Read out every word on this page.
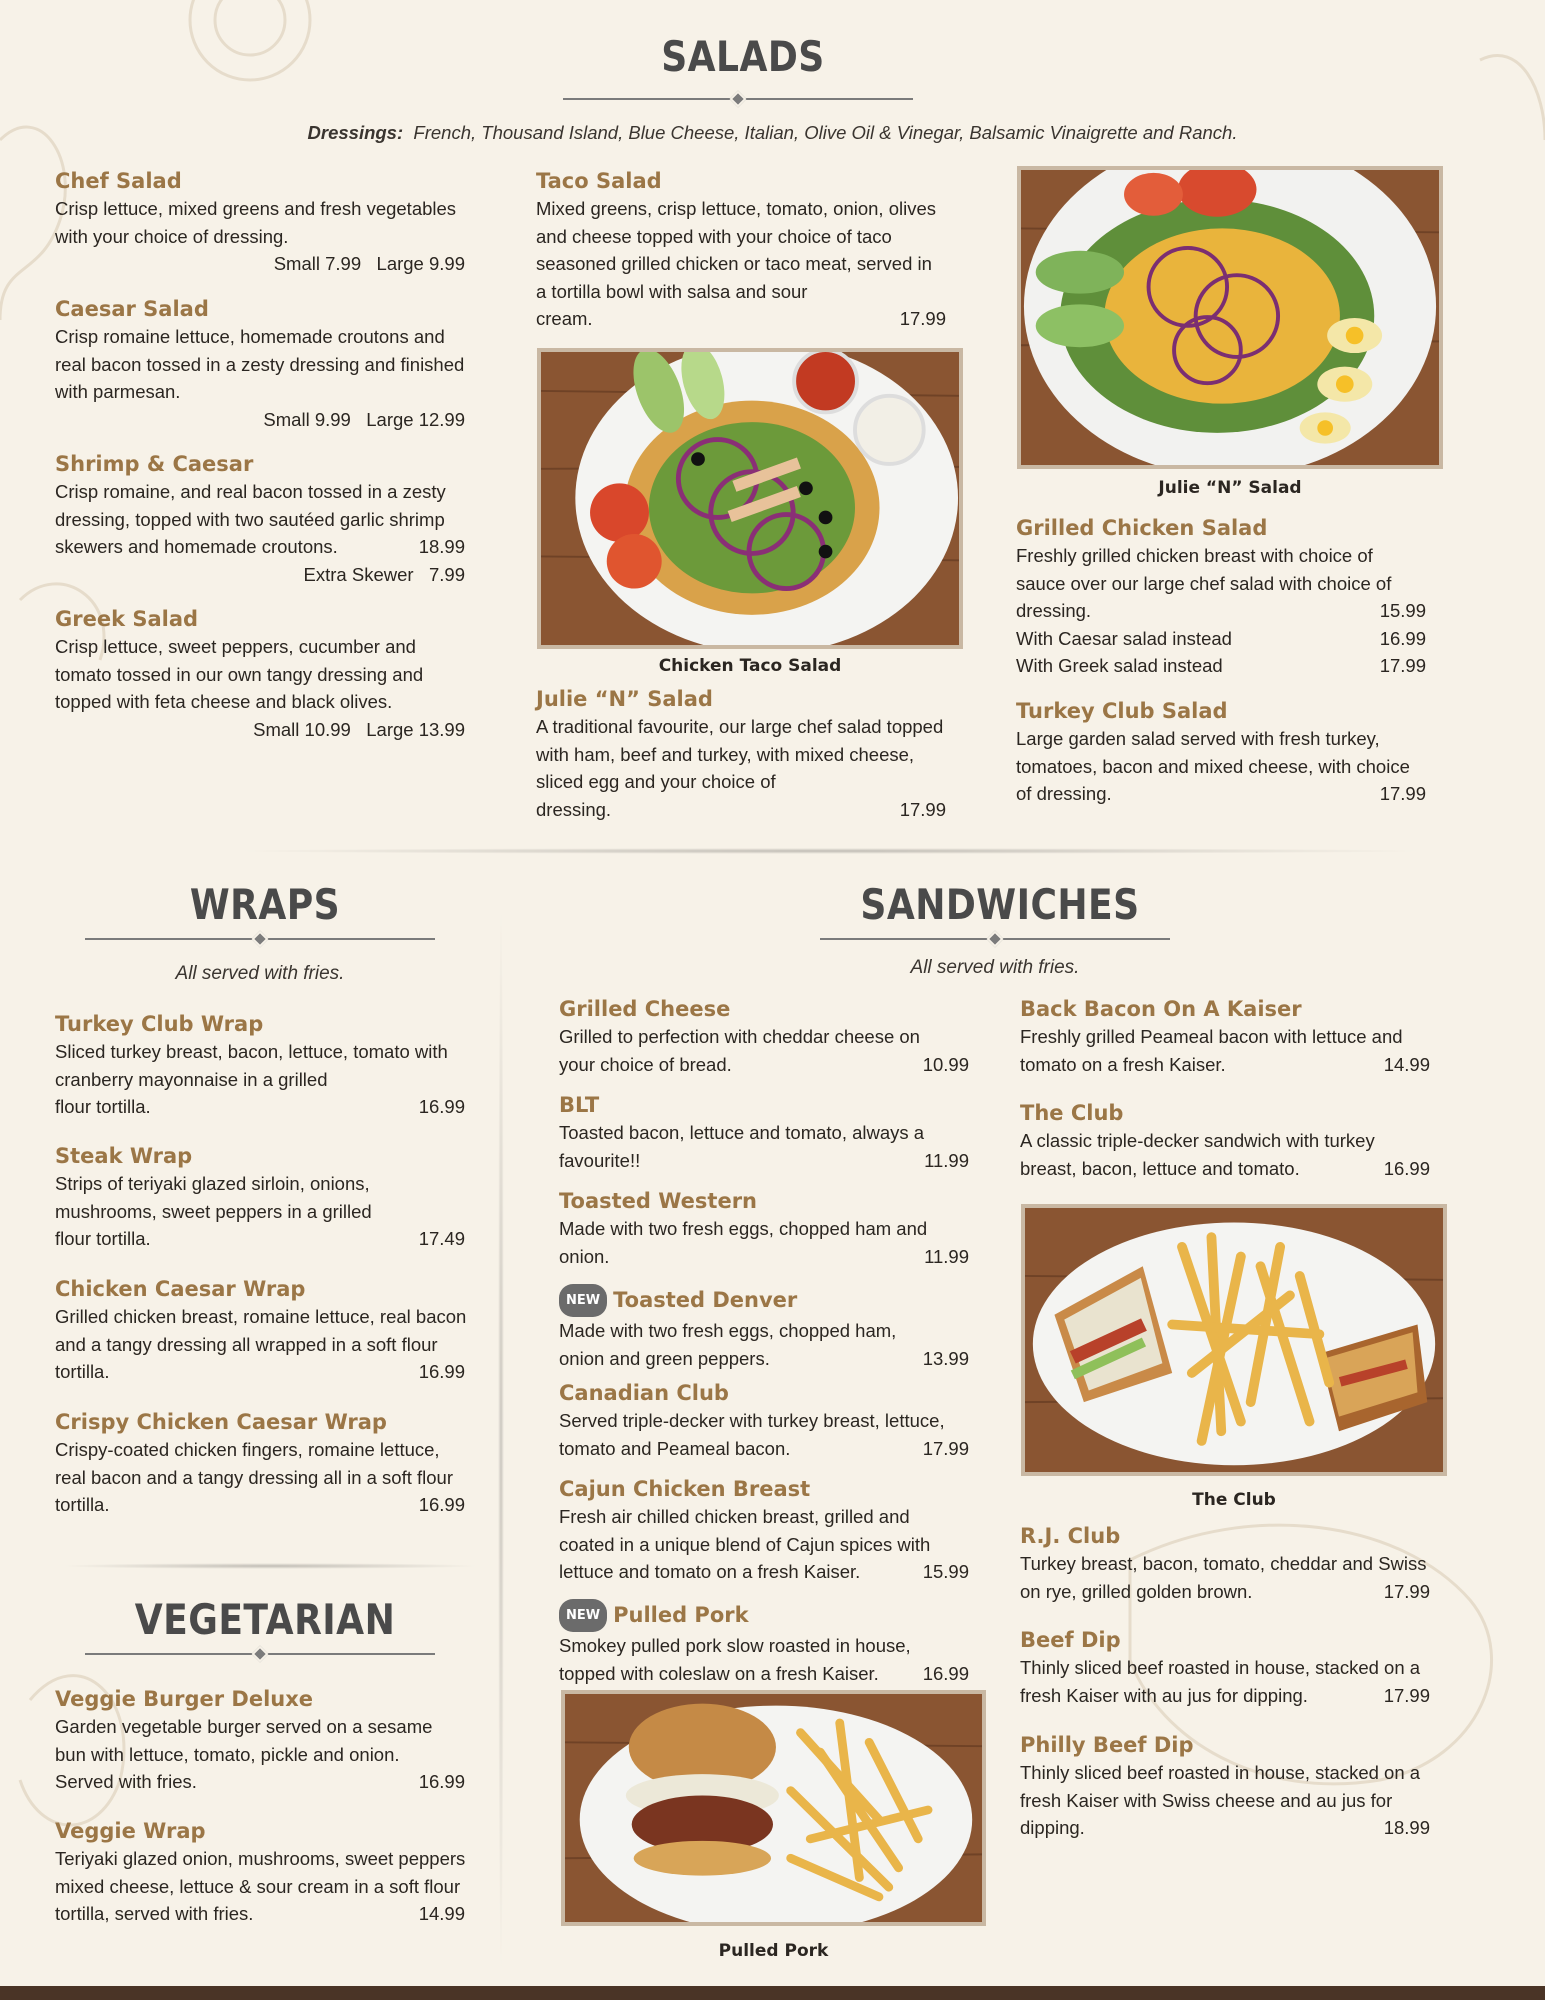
SALADS
Dressings: French, Thousand Island, Blue Cheese, Italian, Olive Oil & Vinegar, Balsamic Vinaigrette and Ranch.
Chef Salad
Crisp lettuce, mixed greens and fresh vegetables with your choice of dressing.
Small 7.99   Large 9.99
Caesar Salad
Crisp romaine lettuce, homemade croutons and real bacon tossed in a zesty dressing and finished with parmesan.
Small 9.99   Large 12.99
Shrimp & Caesar
Crisp romaine, and real bacon tossed in a zesty dressing, topped with two sautéed garlic shrimp
skewers and homemade croutons.	18.99
Extra Skewer 7.99
Greek Salad
Crisp lettuce, sweet peppers, cucumber and tomato tossed in our own tangy dressing and topped with feta cheese and black olives.
Small 10.99   Large 13.99
Taco Salad
Mixed greens, crisp lettuce, tomato, onion, olives and cheese topped with your choice of taco seasoned grilled chicken or taco meat, served in a tortilla bowl with salsa and sour
cream.	17.99
Chicken Taco Salad
Julie “N” Salad
A traditional favourite, our large chef salad topped with ham, beef and turkey, with mixed cheese, sliced egg and your choice of
dressing.	17.99
Julie “N” Salad
Grilled Chicken Salad
Freshly grilled chicken breast with choice of sauce over our large chef salad with choice of
dressing.	15.99
With Caesar salad instead	16.99
With Greek salad instead	17.99
Turkey Club Salad
Large garden salad served with fresh turkey, tomatoes, bacon and mixed cheese, with choice
of dressing.	17.99
WRAPS
All served with fries.
Turkey Club Wrap
Sliced turkey breast, bacon, lettuce, tomato with cranberry mayonnaise in a grilled
flour tortilla.	16.99
Steak Wrap
Strips of teriyaki glazed sirloin, onions, mushrooms, sweet peppers in a grilled
flour tortilla.	17.49
Chicken Caesar Wrap
Grilled chicken breast, romaine lettuce, real bacon and a tangy dressing all wrapped in a soft flour
tortilla.	16.99
Crispy Chicken Caesar Wrap
Crispy-coated chicken fingers, romaine lettuce, real bacon and a tangy dressing all in a soft flour
tortilla.	16.99
VEGETARIAN
Veggie Burger Deluxe
Garden vegetable burger served on a sesame bun with lettuce, tomato, pickle and onion.
Served with fries.	16.99
Veggie Wrap
Teriyaki glazed onion, mushrooms, sweet peppers mixed cheese, lettuce & sour cream in a soft flour
tortilla, served with fries.	14.99
SANDWICHES
All served with fries.
Grilled Cheese
Grilled to perfection with cheddar cheese on
your choice of bread.	10.99
BLT
Toasted bacon, lettuce and tomato, always a
favourite!!	11.99
Toasted Western
Made with two fresh eggs, chopped ham and
onion.	11.99
NEW Toasted Denver
Made with two fresh eggs, chopped ham,
onion and green peppers.	13.99
Canadian Club
Served triple-decker with turkey breast, lettuce,
tomato and Peameal bacon.	17.99
Cajun Chicken Breast
Fresh air chilled chicken breast, grilled and coated in a unique blend of Cajun spices with
lettuce and tomato on a fresh Kaiser.	15.99
NEW Pulled Pork
Smokey pulled pork slow roasted in house,
topped with coleslaw on a fresh Kaiser. 16.99
Pulled Pork
Back Bacon On A Kaiser
Freshly grilled Peameal bacon with lettuce and
tomato on a fresh Kaiser.	14.99
The Club
A classic triple-decker sandwich with turkey
breast, bacon, lettuce and tomato.	16.99
The Club
R.J. Club
Turkey breast, bacon, tomato, cheddar and Swiss
on rye, grilled golden brown.	17.99
Beef Dip
Thinly sliced beef roasted in house, stacked on a
fresh Kaiser with au jus for dipping.	17.99
Philly Beef Dip
Thinly sliced beef roasted in house, stacked on a fresh Kaiser with Swiss cheese and au jus for
dipping.	18.99
